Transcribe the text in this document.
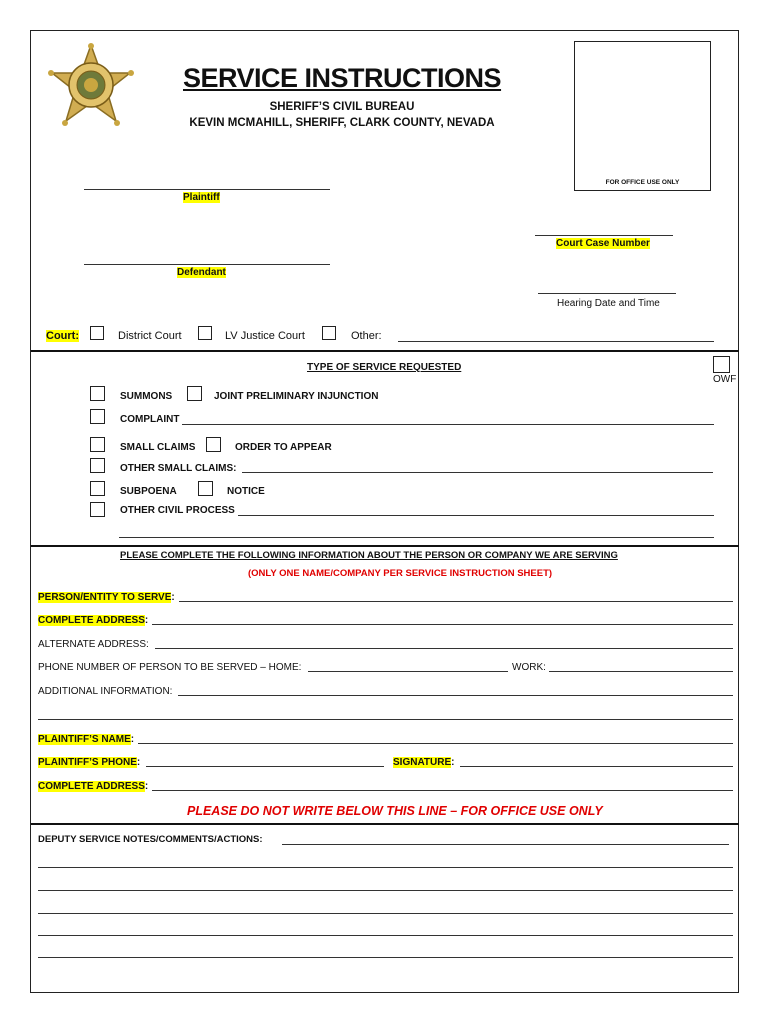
SERVICE INSTRUCTIONS
SHERIFF’S CIVIL BUREAU
KEVIN MCMAHILL, SHERIFF, CLARK COUNTY, NEVADA
FOR OFFICE USE ONLY
Plaintiff
Court Case Number
Defendant
Hearing Date and Time
Court:	District Court	LV Justice Court	Other:
TYPE OF SERVICE REQUESTED
OWF
SUMMONS	JOINT PRELIMINARY INJUNCTION
COMPLAINT
SMALL CLAIMS	ORDER TO APPEAR
OTHER SMALL CLAIMS:
SUBPOENA	NOTICE
OTHER CIVIL PROCESS
PLEASE COMPLETE THE FOLLOWING INFORMATION ABOUT THE PERSON OR COMPANY WE ARE SERVING
(ONLY ONE NAME/COMPANY PER SERVICE INSTRUCTION SHEET)
PERSON/ENTITY TO SERVE:
COMPLETE ADDRESS:
ALTERNATE ADDRESS:
PHONE NUMBER OF PERSON TO BE SERVED – HOME:	WORK:
ADDITIONAL INFORMATION:
PLAINTIFF’S NAME:
PLAINTIFF’S PHONE:	SIGNATURE:
COMPLETE ADDRESS:
PLEASE DO NOT WRITE BELOW THIS LINE – FOR OFFICE USE ONLY
DEPUTY SERVICE NOTES/COMMENTS/ACTIONS:
